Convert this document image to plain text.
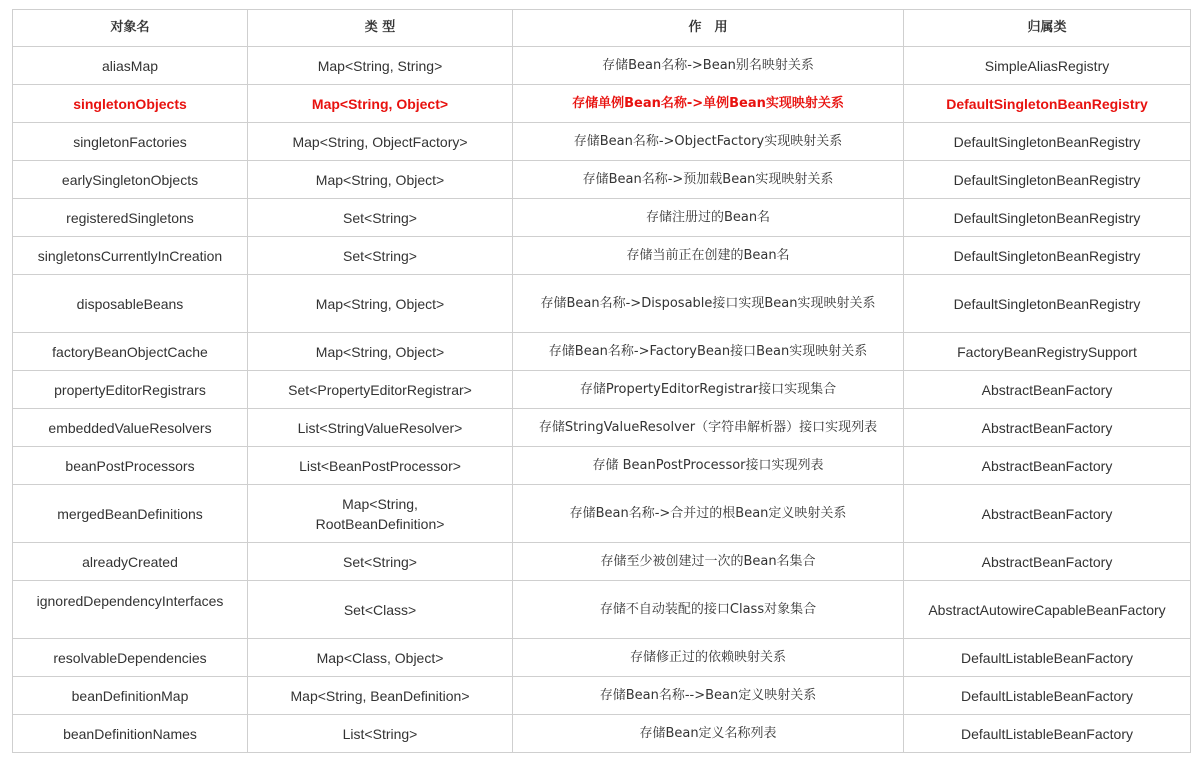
对象名	类 型	作　用	归属类
aliasMap	Map<String, String>	存储Bean名称->Bean别名映射关系	SimpleAliasRegistry
singletonObjects	Map<String, Object>	存储单例Bean名称->单例Bean实现映射关系	DefaultSingletonBeanRegistry
singletonFactories	Map<String, ObjectFactory>	存储Bean名称->ObjectFactory实现映射关系	DefaultSingletonBeanRegistry
earlySingletonObjects	Map<String, Object>	存储Bean名称->预加载Bean实现映射关系	DefaultSingletonBeanRegistry
registeredSingletons	Set<String>	存储注册过的Bean名	DefaultSingletonBeanRegistry
singletonsCurrentlyInCreation	Set<String>	存储当前正在创建的Bean名	DefaultSingletonBeanRegistry
disposableBeans	Map<String, Object>	存储Bean名称->Disposable接口实现Bean实现映射关系	DefaultSingletonBeanRegistry
factoryBeanObjectCache	Map<String, Object>	存储Bean名称->FactoryBean接口Bean实现映射关系	FactoryBeanRegistrySupport
propertyEditorRegistrars	Set<PropertyEditorRegistrar>	存储PropertyEditorRegistrar接口实现集合	AbstractBeanFactory
embeddedValueResolvers	List<StringValueResolver>	存储StringValueResolver（字符串解析器）接口实现列表	AbstractBeanFactory
beanPostProcessors	List<BeanPostProcessor>	存储 BeanPostProcessor接口实现列表	AbstractBeanFactory
mergedBeanDefinitions	Map<String, RootBeanDefinition>	存储Bean名称->合并过的根Bean定义映射关系	AbstractBeanFactory
alreadyCreated	Set<String>	存储至少被创建过一次的Bean名集合	AbstractBeanFactory
ignoredDependencyInterfaces	Set<Class>	存储不自动装配的接口Class对象集合	AbstractAutowireCapableBeanFactory
resolvableDependencies	Map<Class, Object>	存储修正过的依赖映射关系	DefaultListableBeanFactory
beanDefinitionMap	Map<String, BeanDefinition>	存储Bean名称-->Bean定义映射关系	DefaultListableBeanFactory
beanDefinitionNames	List<String>	存储Bean定义名称列表	DefaultListableBeanFactory
